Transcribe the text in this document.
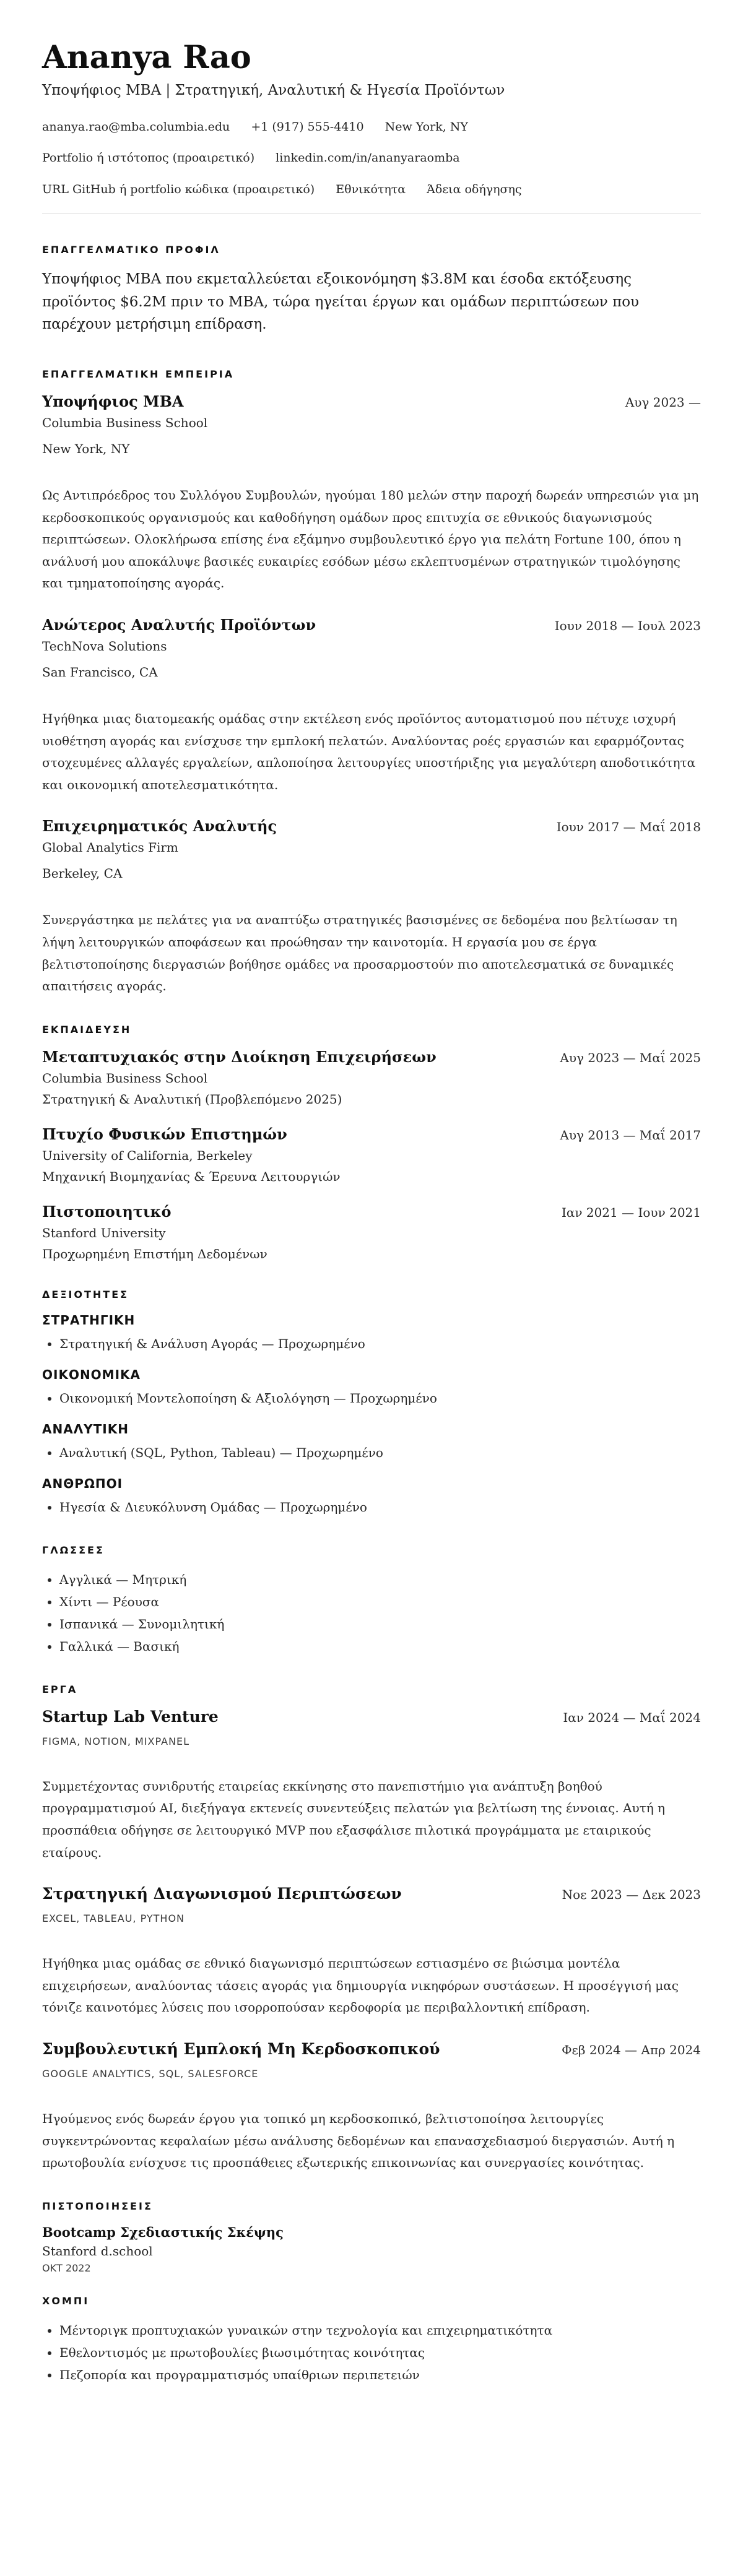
Ananya Rao
Υποψήφιος MBA | Στρατηγική, Αναλυτική & Ηγεσία Προϊόντων
ananya.rao@mba.columbia.edu +1 (917) 555-4410 New York, NY
Portfolio ή ιστότοπος (προαιρετικό) linkedin.com/in/ananyaraomba
URL GitHub ή portfolio κώδικα (προαιρετικό) Εθνικότητα Άδεια οδήγησης
ΕΠΑΓΓΕΛΜΑΤΙΚΟ ΠΡΟΦΙΛ
Υποψήφιος MBA που εκμεταλλεύεται εξοικονόμηση $3.8M και έσοδα εκτόξευσης προϊόντος $6.2M πριν το MBA, τώρα ηγείται έργων και ομάδων περιπτώσεων που παρέχουν μετρήσιμη επίδραση.
ΕΠΑΓΓΕΛΜΑΤΙΚΗ ΕΜΠΕΙΡΙΑ
Υποψήφιος MBA	Αυγ 2023 —
Columbia Business School
New York, NY
Ως Αντιπρόεδρος του Συλλόγου Συμβουλών, ηγούμαι 180 μελών στην παροχή δωρεάν υπηρεσιών για μη κερδοσκοπικούς οργανισμούς και καθοδήγηση ομάδων προς επιτυχία σε εθνικούς διαγωνισμούς περιπτώσεων. Ολοκλήρωσα επίσης ένα εξάμηνο συμβουλευτικό έργο για πελάτη Fortune 100, όπου η ανάλυσή μου αποκάλυψε βασικές ευκαιρίες εσόδων μέσω εκλεπτυσμένων στρατηγικών τιμολόγησης και τμηματοποίησης αγοράς.
Ανώτερος Αναλυτής Προϊόντων	Ιουν 2018 — Ιουλ 2023
TechNova Solutions
San Francisco, CA
Ηγήθηκα μιας διατομεακής ομάδας στην εκτέλεση ενός προϊόντος αυτοματισμού που πέτυχε ισχυρή υιοθέτηση αγοράς και ενίσχυσε την εμπλοκή πελατών. Αναλύοντας ροές εργασιών και εφαρμόζοντας στοχευμένες αλλαγές εργαλείων, απλοποίησα λειτουργίες υποστήριξης για μεγαλύτερη αποδοτικότητα και οικονομική αποτελεσματικότητα.
Επιχειρηματικός Αναλυτής	Ιουν 2017 — Μαΐ 2018
Global Analytics Firm
Berkeley, CA
Συνεργάστηκα με πελάτες για να αναπτύξω στρατηγικές βασισμένες σε δεδομένα που βελτίωσαν τη λήψη λειτουργικών αποφάσεων και προώθησαν την καινοτομία. Η εργασία μου σε έργα βελτιστοποίησης διεργασιών βοήθησε ομάδες να προσαρμοστούν πιο αποτελεσματικά σε δυναμικές απαιτήσεις αγοράς.
ΕΚΠΑΙΔΕΥΣΗ
Μεταπτυχιακός στην Διοίκηση Επιχειρήσεων	Αυγ 2023 — Μαΐ 2025
Columbia Business School
Στρατηγική & Αναλυτική (Προβλεπόμενο 2025)
Πτυχίο Φυσικών Επιστημών	Αυγ 2013 — Μαΐ 2017
University of California, Berkeley
Μηχανική Βιομηχανίας & Έρευνα Λειτουργιών
Πιστοποιητικό	Ιαν 2021 — Ιουν 2021
Stanford University
Προχωρημένη Επιστήμη Δεδομένων
ΔΕΞΙΟΤΗΤΕΣ
ΣΤΡΑΤΗΓΙΚΗ
• Στρατηγική & Ανάλυση Αγοράς — Προχωρημένο
ΟΙΚΟΝΟΜΙΚΑ
• Οικονομική Μοντελοποίηση & Αξιολόγηση — Προχωρημένο
ΑΝΑΛΥΤΙΚΗ
• Αναλυτική (SQL, Python, Tableau) — Προχωρημένο
ΑΝΘΡΩΠΟΙ
• Ηγεσία & Διευκόλυνση Ομάδας — Προχωρημένο
ΓΛΩΣΣΕΣ
• Αγγλικά — Μητρική
• Χίντι — Ρέουσα
• Ισπανικά — Συνομιλητική
• Γαλλικά — Βασική
ΕΡΓΑ
Startup Lab Venture	Ιαν 2024 — Μαΐ 2024
FIGMA, NOTION, MIXPANEL
Συμμετέχοντας συνιδρυτής εταιρείας εκκίνησης στο πανεπιστήμιο για ανάπτυξη βοηθού προγραμματισμού AI, διεξήγαγα εκτενείς συνεντεύξεις πελατών για βελτίωση της έννοιας. Αυτή η προσπάθεια οδήγησε σε λειτουργικό MVP που εξασφάλισε πιλοτικά προγράμματα με εταιρικούς εταίρους.
Στρατηγική Διαγωνισμού Περιπτώσεων	Νοε 2023 — Δεκ 2023
EXCEL, TABLEAU, PYTHON
Ηγήθηκα μιας ομάδας σε εθνικό διαγωνισμό περιπτώσεων εστιασμένο σε βιώσιμα μοντέλα επιχειρήσεων, αναλύοντας τάσεις αγοράς για δημιουργία νικηφόρων συστάσεων. Η προσέγγισή μας τόνιζε καινοτόμες λύσεις που ισορροπούσαν κερδοφορία με περιβαλλοντική επίδραση.
Συμβουλευτική Εμπλοκή Μη Κερδοσκοπικού	Φεβ 2024 — Απρ 2024
GOOGLE ANALYTICS, SQL, SALESFORCE
Ηγούμενος ενός δωρεάν έργου για τοπικό μη κερδοσκοπικό, βελτιστοποίησα λειτουργίες συγκεντρώνοντας κεφαλαίων μέσω ανάλυσης δεδομένων και επανασχεδιασμού διεργασιών. Αυτή η πρωτοβουλία ενίσχυσε τις προσπάθειες εξωτερικής επικοινωνίας και συνεργασίες κοινότητας.
ΠΙΣΤΟΠΟΙΗΣΕΙΣ
Bootcamp Σχεδιαστικής Σκέψης
Stanford d.school
ΟΚΤ 2022
ΧΟΜΠΙ
• Μέντοριγκ προπτυχιακών γυναικών στην τεχνολογία και επιχειρηματικότητα
• Εθελοντισμός με πρωτοβουλίες βιωσιμότητας κοινότητας
• Πεζοπορία και προγραμματισμός υπαίθριων περιπετειών
